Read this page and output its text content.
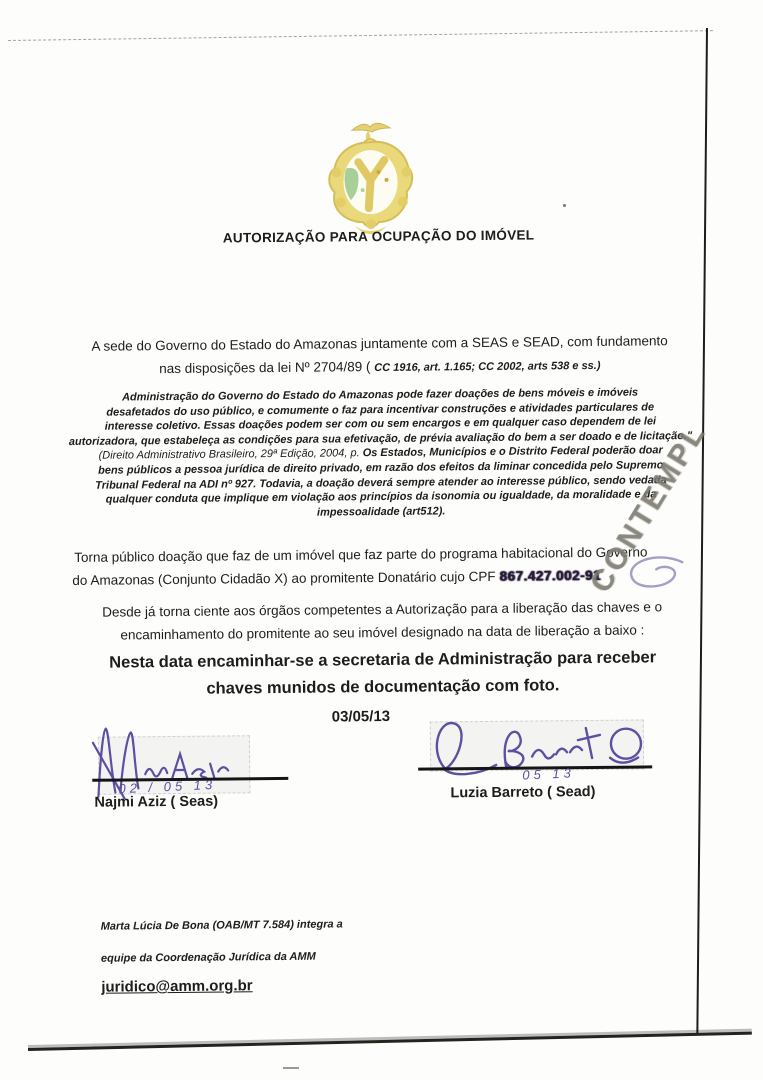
AUTORIZAÇÃO PARA OCUPAÇÃO DO IMÓVEL
A sede do Governo do Estado do Amazonas juntamente com a SEAS e SEAD, com fundamento
nas disposições da lei Nº 2704/89 ( CC 1916, art. 1.165; CC 2002, arts 538 e ss.)
Administração do Governo do Estado do Amazonas pode fazer doações de bens móveis e imóveis
desafetados do uso público, e comumente o faz para incentivar construções e atividades particulares de
interesse coletivo. Essas doações podem ser com ou sem encargos e em qualquer caso dependem de lei
autorizadora, que estabeleça as condições para sua efetivação, de prévia avaliação do bem a ser doado e de licitação."
(Direito Administrativo Brasileiro, 29ª Edição, 2004, p. Os Estados, Municípios e o Distrito Federal poderão doar
bens públicos a pessoa jurídica de direito privado, em razão dos efeitos da liminar concedida pelo Supremo
Tribunal Federal na ADI nº 927. Todavia, a doação deverá sempre atender ao interesse público, sendo vedada
qualquer conduta que implique em violação aos princípios da isonomia ou igualdade, da moralidade e da
impessoalidade (art512).
Torna público doação que faz de um imóvel que faz parte do programa habitacional do Governo
do Amazonas (Conjunto Cidadão X) ao promitente Donatário cujo CPF 867.427.002-91
Desde já torna ciente aos órgãos competentes a Autorização para a liberação das chaves e o
encaminhamento do promitente ao seu imóvel designado na data de liberação a baixo :
Nesta data encaminhar-se a secretaria de Administração para receber
chaves munidos de documentação com foto.
03/05/13
02 / 05 13
Najmi Aziz ( Seas)
05 13
Luzia Barreto ( Sead)
CONTEMPL
Marta Lúcia De Bona (OAB/MT 7.584) integra a
equipe da Coordenação Jurídica da AMM
juridico@amm.org.br
